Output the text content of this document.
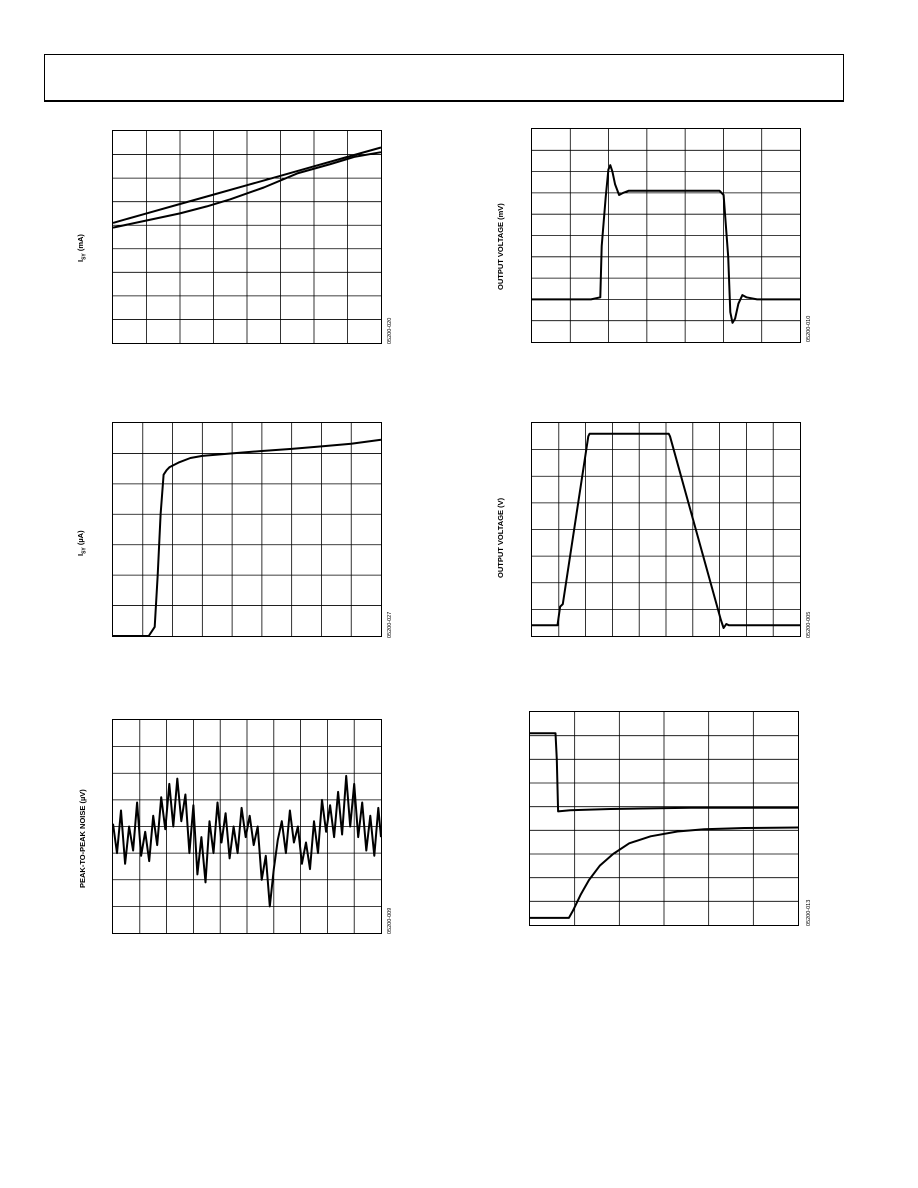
$I_{SY}$ (mA)
05200-020
OUTPUT VOLTAGE (mV)
05200-010
$I_{SY}$ (µA)
05200-027
OUTPUT VOLTAGE (V)
05200-005
PEAK-TO-PEAK NOISE (µV)
05200-009	05200-013
